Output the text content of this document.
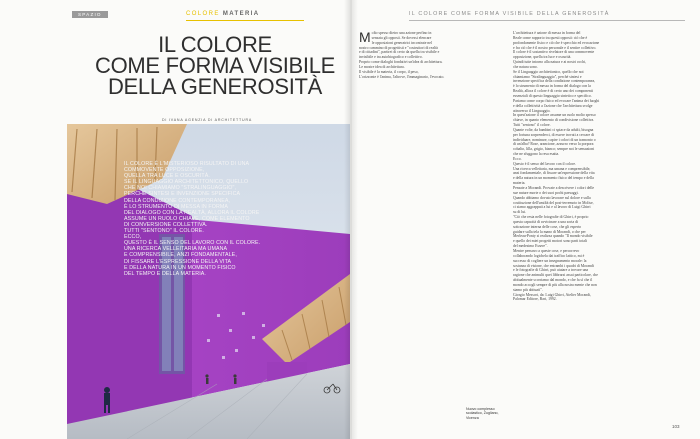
SPAZIO	COLORE MATERIA
IL COLORE
COME FORMA VISIBILE
DELLA GENEROSITÀ
DI IVANA AGENZIA DI ARCHITETTURA

IL COLORE È L'MISTERIOSO RISULTATO DI UNA

COMMOVENTE OPPOSIZIONE,

QUELLA TRA LUCE E OSCURITÀ.

SE IL LINGUAGGIO ARCHITETTONICO, QUELLO

CHE NOI CHIAMIAMO "STRALINGUAGGIO",

PERCHÉ SINTESI E INVENZIONE SPECIFICA

DELLA CONDIZIONE CONTEMPORANEA,

È LO STRUMENTO DI MESSA IN FORMA

DEL DIALOGO CON LA REALTÀ, ALLORA IL COLORE

ASSUME UN RUOLO CHIAVE, COME ELEMENTO

DI CONVERSIONE COLLETTIVA.

TUTTI "SENTONO" IL COLORE.

ECCO,

QUESTO È IL SENSO DEL LAVORO CON IL COLORE.

UNA RICERCA VELLEITARIA MA UMANA

E COMPRENSIBILE, ANZI FONDAMENTALE,

DI FISSARE L'ESPRESSIONE DELLA VITA

E DELLA NATURA IN UN MOMENTO FISICO

DEL TEMPO E DELLA MATERIA.

Nuovo complesso scolastico, Zugliano, Vicenza
IL COLORE COME FORMA VISIBILE DELLA GENEROSITÀ
M olto spesso dietro una azione perfino in

sensata gli opposti. Se dovessi elencare

le opposizioni generatrici incontrate nel

nostro cammino di progettisti e "costruttori di realtà

e di cittadini", partirei di certo da quella tra visibile e

invisibile e tra autobiografico e collettivo.

Proprio come dialoghi fondativi un'idea di architettura.

Le mostre idea di architettura.

Il visibile è la materia, il corpo, il peso,

L'orizzonte è l'anima, l'altrove, l'immaginario, l'evocato.

L'architettura è azione di messa in forma del

Reale come rapporto tra questi opposti: ciò che è

profondamente fisico e ciò che è specchio ed evocazione

e fra ciò che è il nostro personale e il sentire collettivo.

Il colore è il sostantivo rivelatore di una commovente

opposizione, quella tra luce e oscurità.

Quindi tutte intorno alla natura e ai nostri occhi,

che natura sono.

Se il Linguaggio architettonico, quello che noi

chiamiamo "Stralinguaggio", perché sintesi e

invenzione specifica della condizione contemporanea,

è lo strumento di messa in forma del dialogo con la

Realtà, allora il colore è di certo uno dei componenti

essenziali di questo linguaggio sintetico e specifico.

Pariamo come corpo fisico ed evocare l'anima dei luoghi

e della collettività a l'azione che l'architettura svolge

attraverso il Linguaggio.

In quest'azione il colore assume un ruolo molto spesso

chiave, in quanto elemento di condivisione collettiva.

Tutti "sentono" il colore.

Quante volte, da bambini ci spiace da adulti, bisogna

per fortuna sorprenderci, di essere trovati a cercare di

individuare, nominare, capire i colori di un tramonto o

di un'alba? Rose, arancione, azzurro verso la porpora

cobalto, lilla, grigio, bianco; sempre noi le sensazioni

che ne sfuggono la resa esatta.

Ecco.

Questo è il senso del lavoro con il colore.

Una ricerca velleitaria, ma umana e comprensibile,

anzi fondamentale, di fissare un'espressione della vita

e della natura in un momento fisico del tempo e della

materia.

Pensate a Morandi. Provate a descrivere i colori delle

sue nature morte o dei suoi pochi paesaggi.

Quando abbiamo dovuto lavorare sul dolore e sulla

costituzione dell'umiltà del post-terremoto in Molise,

ci siamo aggrappati a lui e al lavoro di Luigi Ghirri

su di lui.

"Ciò che resta nelle fotografie di Ghirri, è proprio

questa capacità di avvicinare a una sorta di

sottrazione interna delle cose, che gli esperto

guidare sulla tela la mano di Morandi, o che per

Merleau-Ponty si realizza quando "Il mondo visibile

e quello dei miei progetti motori sono parti totali

del medesimo Essere".

Mentre pensavo a queste cose, e percorrevo

collaborando logichela dai traffico lattico, mi è

successo di cogliere un insegnamento morale: la

sostanza di visione, che entrambi i quadri di Morandi

e le fotografie di Ghirri, può aiutare a trovare una

ragione che animulti quei libbrarsi assai particolare, che

abitualmente scorriamo dal mondo, e che fa sì che il

mondo accogli sempre di più alla nostra mente che non

siamo più abituati".

Giorgio Messori, da: Luigi Ghirri, Atelier Morandi,

Palomar Editore, Bari, 1992.

103
